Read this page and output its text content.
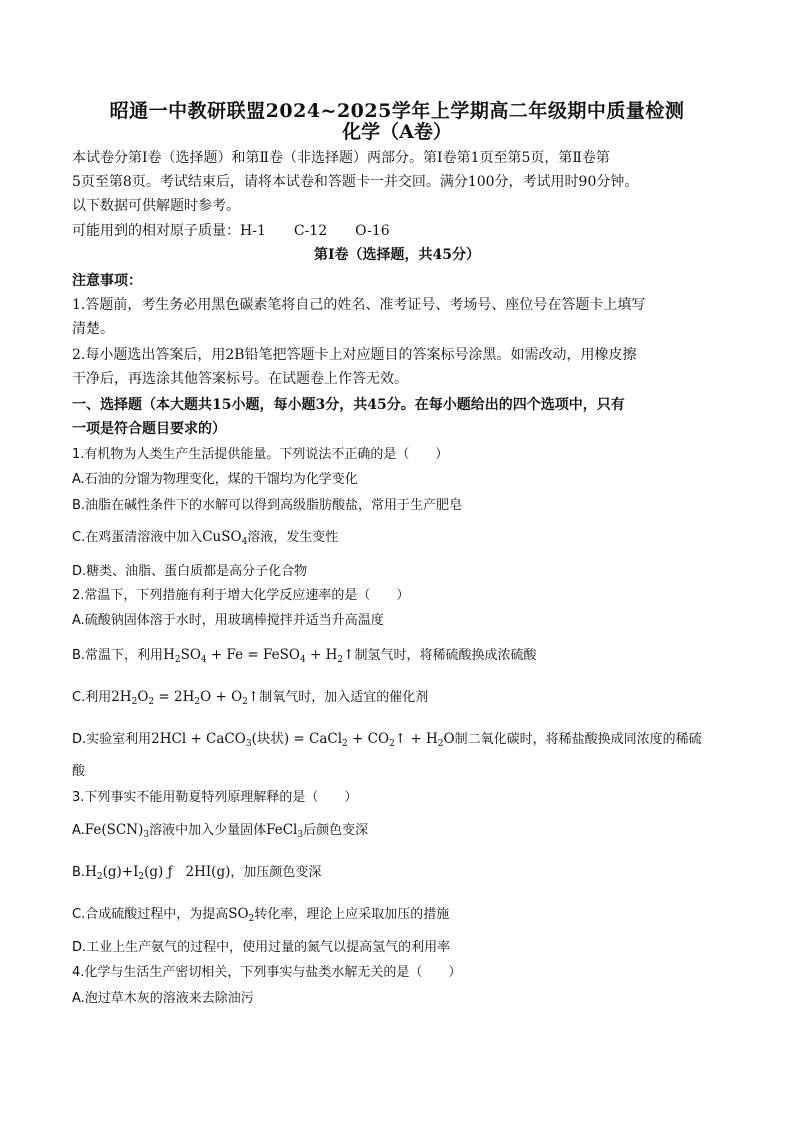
昭通一中教研联盟2024~2025学年上学期高二年级期中质量检测
化学（A卷）
本试卷分第Ⅰ卷（选择题）和第Ⅱ卷（非选择题）两部分。第Ⅰ卷第1页至第5页，第Ⅱ卷第
5页至第8页。考试结束后，请将本试卷和答题卡一并交回。满分100分，考试用时90分钟。
以下数据可供解题时参考。
可能用到的相对原子质量：H-1 C-12 O-16
第Ⅰ卷（选择题，共45分）
注意事项：
1.答题前，考生务必用黑色碳素笔将自己的姓名、准考证号、考场号、座位号在答题卡上填写
清楚。
2.每小题选出答案后，用2B铅笔把答题卡上对应题目的答案标号涂黑。如需改动，用橡皮擦
干净后，再选涂其他答案标号。在试题卷上作答无效。
一、选择题（本大题共15小题，每小题3分，共45分。在每小题给出的四个选项中，只有
一项是符合题目要求的）
1.有机物为人类生产生活提供能量。下列说法不正确的是（　　）
A.石油的分馏为物理变化，煤的干馏均为化学变化
B.油脂在碱性条件下的水解可以得到高级脂肪酸盐，常用于生产肥皂
C.在鸡蛋清溶液中加入CuSO$_4$溶液，发生变性
D.糖类、油脂、蛋白质都是高分子化合物
2.常温下，下列措施有利于增大化学反应速率的是（　　）
A.硫酸钠固体溶于水时，用玻璃棒搅拌并适当升高温度
B.常温下，利用$H_2SO_4 + Fe$ = FeSO$_4$ + $H_2↑$制氢气时，将稀硫酸换成浓硫酸
C.利用$2H_2O_2 = 2H_2O$ + $O_2↑$制氧气时，加入适宜的催化剂
D.实验室利用2HCl + CaCO$_3$(块状) = CaCl$_2$ + $CO_2↑ + H_2O$制二氧化碳时，将稀盐酸换成同浓度的稀硫
酸
3.下列事实不能用勒夏特列原理解释的是（　　）
$A.Fe(SCN)_3$溶液中加入少量固体FeCl$_3$后颜色变深
$B.H_2(g)+I_2(g)$ ƒ   2HI(g)，加压颜色变深
C.合成硫酸过程中，为提高$SO_2$转化率，理论上应采取加压的措施
D.工业上生产氨气的过程中，使用过量的氮气以提高氢气的利用率
4.化学与生活生产密切相关，下列事实与盐类水解无关的是（　　）
A.泡过草木灰的溶液来去除油污
